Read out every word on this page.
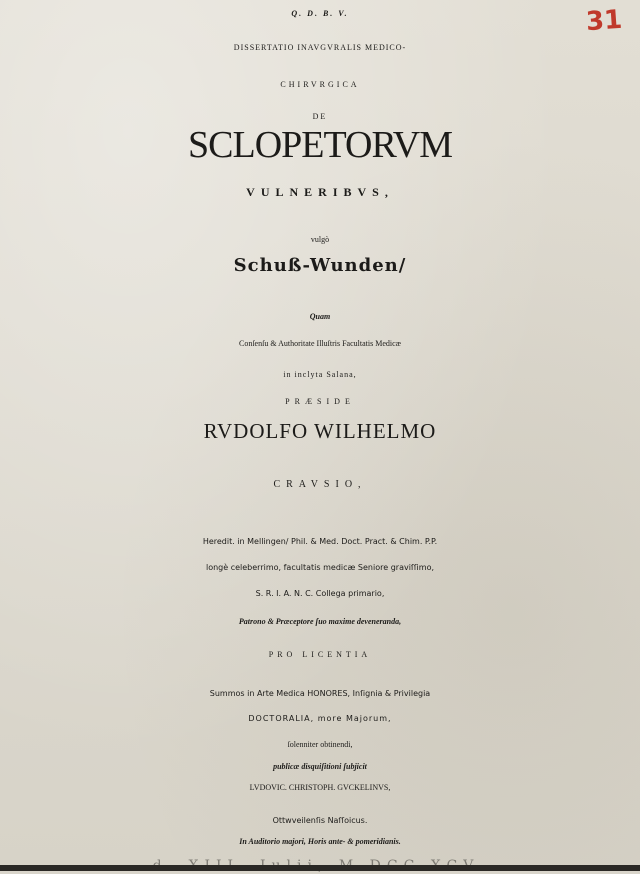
31
Q. D. B. V.
DISSERTATIO INAVGVRALIS MEDICO-
CHIRVRGICA
DE
SCLOPETORVM
VULNERIBVS,
vulgò
Schuß-Wunden/
Quam
Conſenſu & Authoritate Illuſtris Facultatis Medicæ
in inclyta Salana,
PRÆSIDE
RVDOLFO WILHELMO
CRAVSIO,
Heredit. in Mellingen/ Phil. & Med. Doct. Pract. & Chim. P.P.
longè celeberrimo, facultatis medicæ Seniore graviſſimo,
S. R. I. A. N. C. Collega primario,
Patrono & Præceptore ſuo maxime deveneranda,
PRO LICENTIA
Summos in Arte Medica HONORES, Inſignia & Privilegia
DOCTORALIA, more Majorum,
ſolenniter obtinendi,
publicæ disquiſitioni ſubjicit
LVDOVIC. CHRISTOPH. GVCKELINVS,
Ottwveilenſis Naſſoicus.
In Auditorio majori, Horis ante- & pomeridianis.
